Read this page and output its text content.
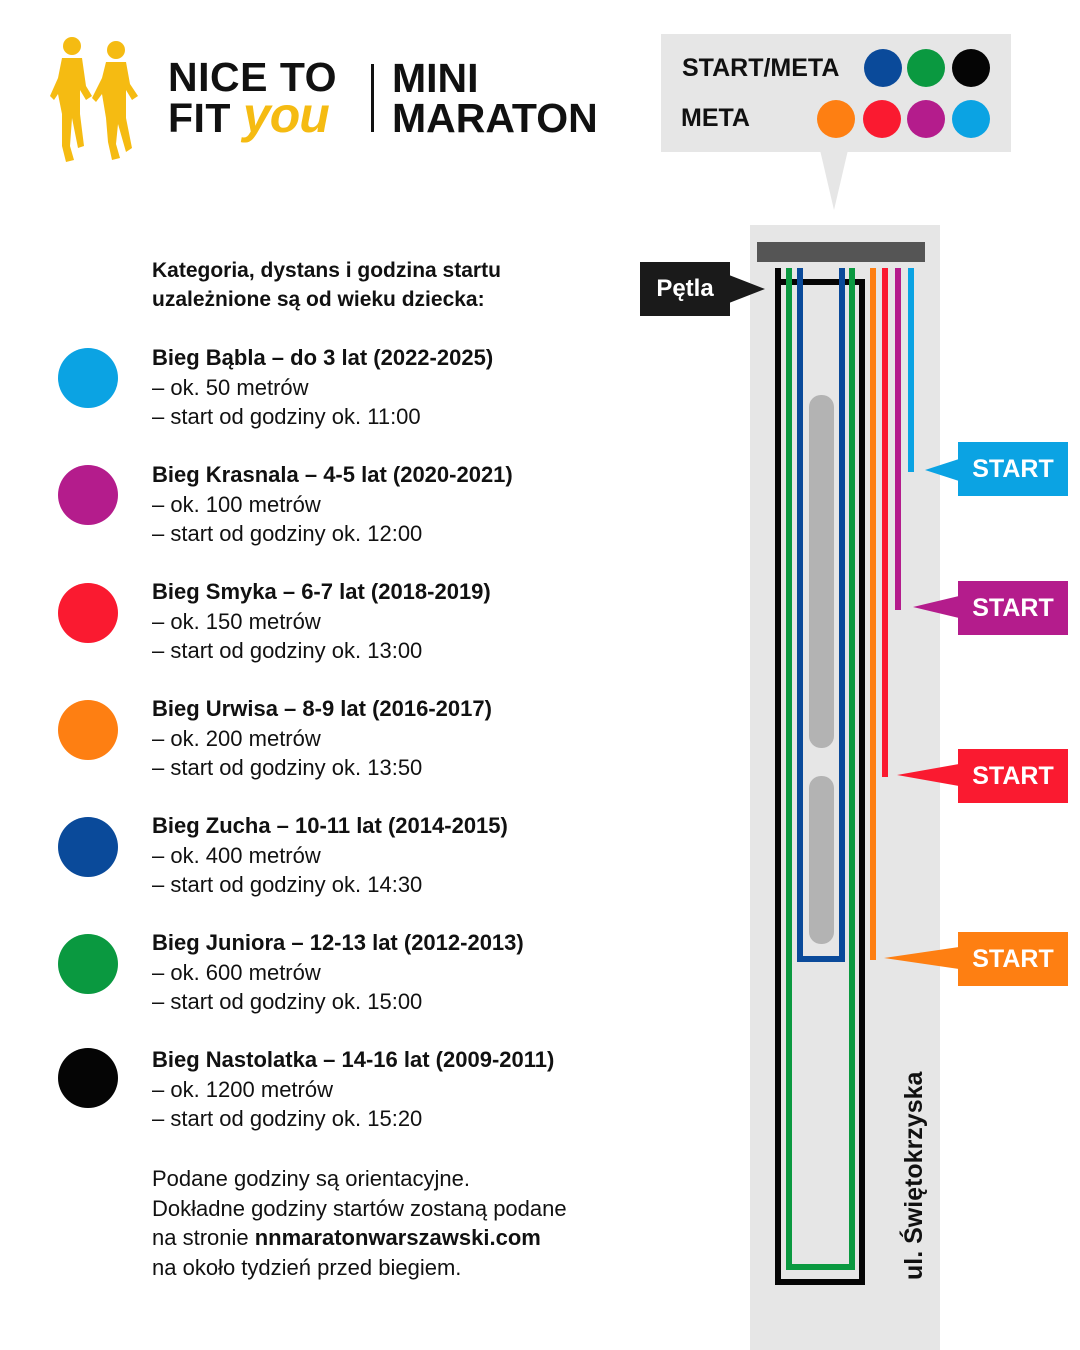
NICE TO
FIT you
MINI
MARATON
START/META
META
Kategoria, dystans i godzina startu uzależnione są od wieku dziecka:
Bieg Bąbla – do 3 lat (2022-2025)
– ok. 50 metrów
– start od godziny ok. 11:00
Bieg Krasnala – 4-5 lat (2020-2021)
– ok. 100 metrów
– start od godziny ok. 12:00
Bieg Smyka – 6-7 lat (2018-2019)
– ok. 150 metrów
– start od godziny ok. 13:00
Bieg Urwisa – 8-9 lat (2016-2017)
– ok. 200 metrów
– start od godziny ok. 13:50
Bieg Zucha – 10-11 lat (2014-2015)
– ok. 400 metrów
– start od godziny ok. 14:30
Bieg Juniora – 12-13 lat (2012-2013)
– ok. 600 metrów
– start od godziny ok. 15:00
Bieg Nastolatka – 14-16 lat (2009-2011)
– ok. 1200 metrów
– start od godziny ok. 15:20
Podane godziny są orientacyjne.
Dokładne godziny startów zostaną podane
na stronie nnmaratonwarszawski.com
na około tydzień przed biegiem.
Pętla
START
START
START
START
ul. Świętokrzyska
